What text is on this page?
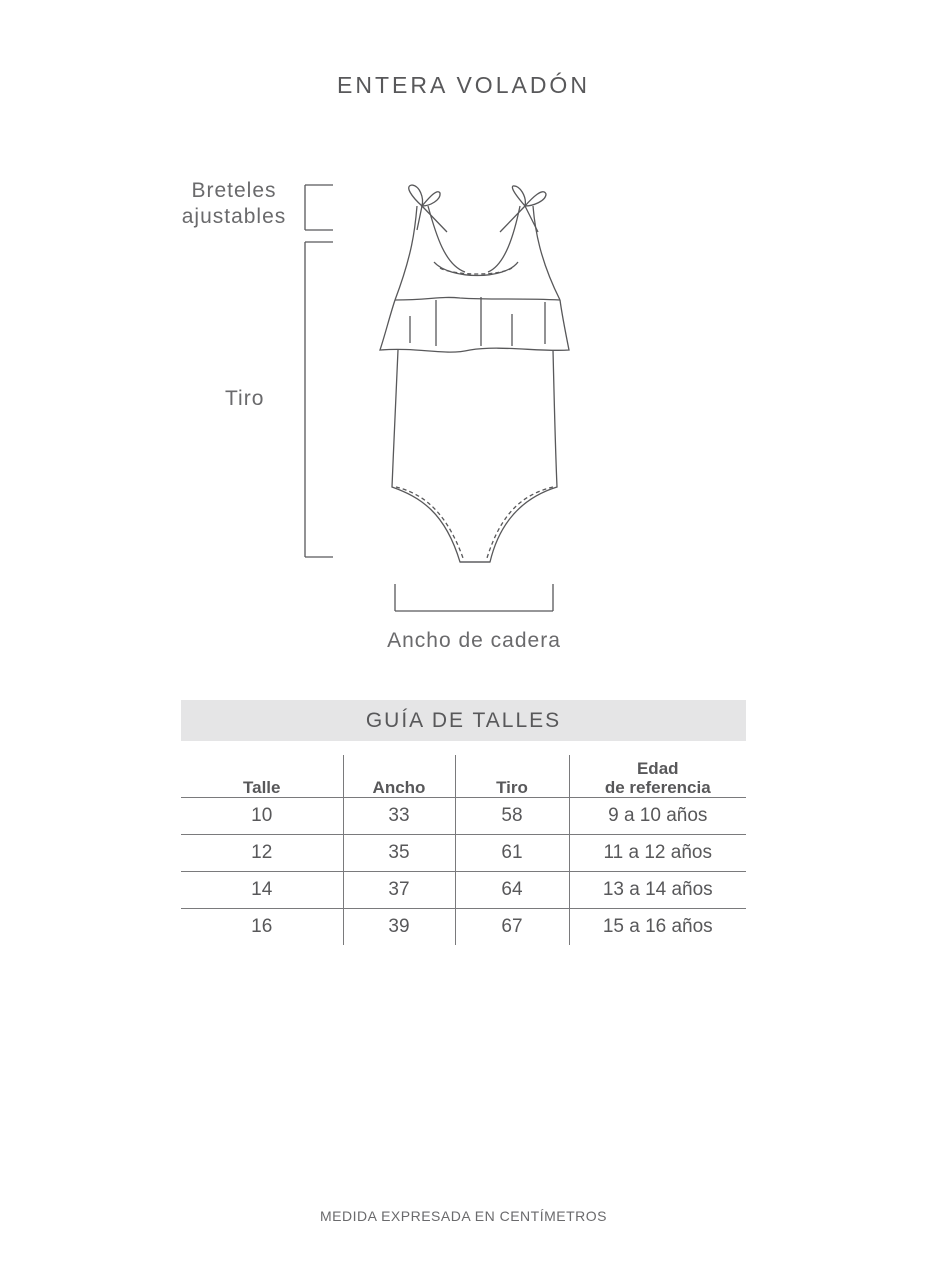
ENTERA VOLADÓN
Breteles
ajustables
Tiro
Ancho de cadera
GUÍA DE TALLES
Talle	Ancho	Tiro	Edad
de referencia

10	33	58	9 a 10 años
12	35	61	11 a 12 años
14	37	64	13 a 14 años
16	39	67	15 a 16 años
MEDIDA EXPRESADA EN CENTÍMETROS
